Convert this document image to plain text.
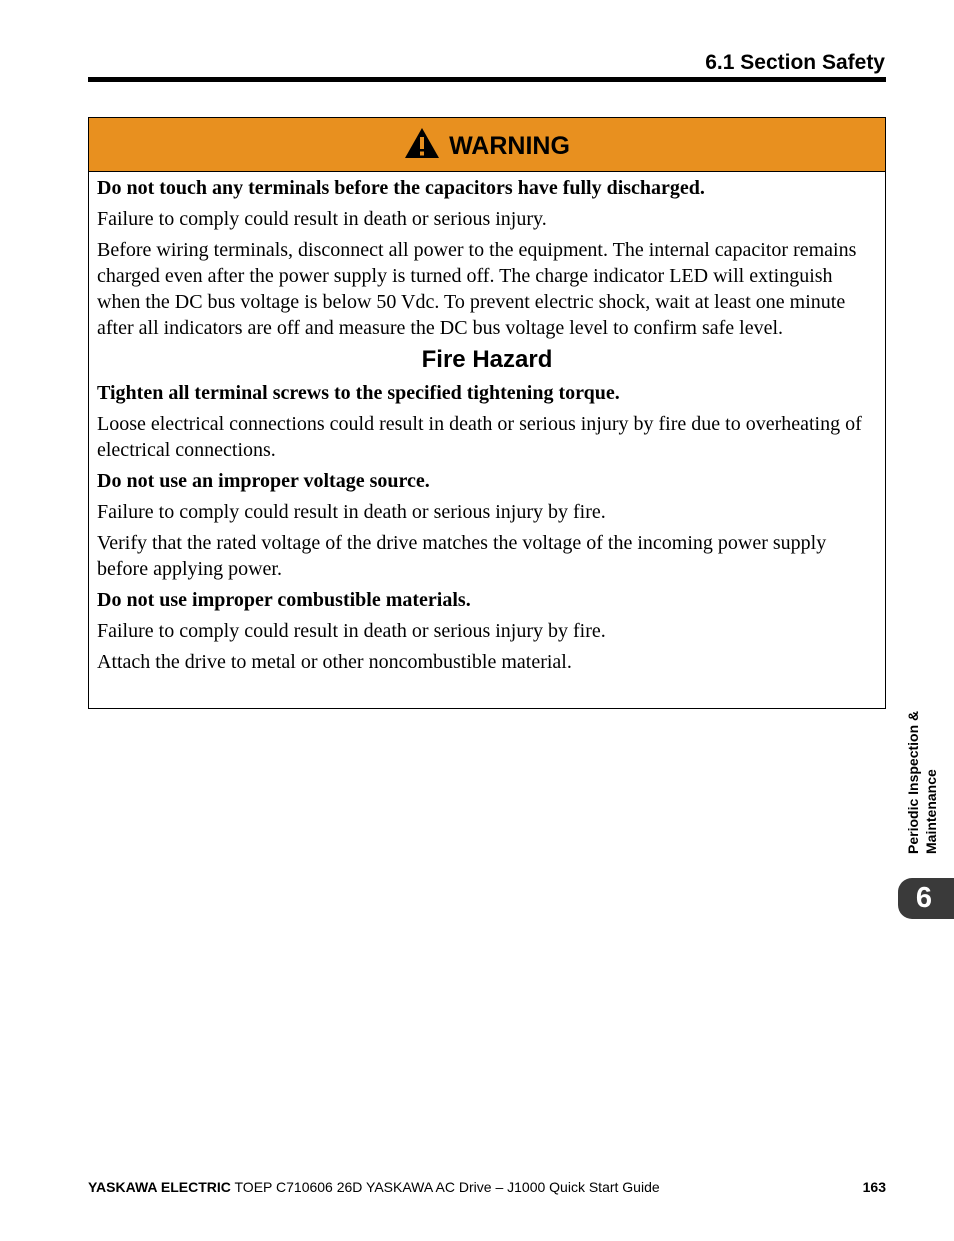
6.1 Section Safety
WARNING

Do not touch any terminals before the capacitors have fully discharged.

Failure to comply could result in death or serious injury.

Before wiring terminals, disconnect all power to the equipment. The internal capacitor remains charged even after the power supply is turned off. The charge indicator LED will extinguish when the DC bus voltage is below 50 Vdc. To prevent electric shock, wait at least one minute after all indicators are off and measure the DC bus voltage level to confirm safe level.

Fire Hazard

Tighten all terminal screws to the specified tightening torque.

Loose electrical connections could result in death or serious injury by fire due to overheating of electrical connections.

Do not use an improper voltage source.

Failure to comply could result in death or serious injury by fire.

Verify that the rated voltage of the drive matches the voltage of the incoming power supply before applying power.

Do not use improper combustible materials.

Failure to comply could result in death or serious injury by fire.

Attach the drive to metal or other noncombustible material.

Periodic Inspection & Maintenance
6
YASKAWA ELECTRIC TOEP C710606 26D YASKAWA AC Drive – J1000 Quick Start Guide	163
